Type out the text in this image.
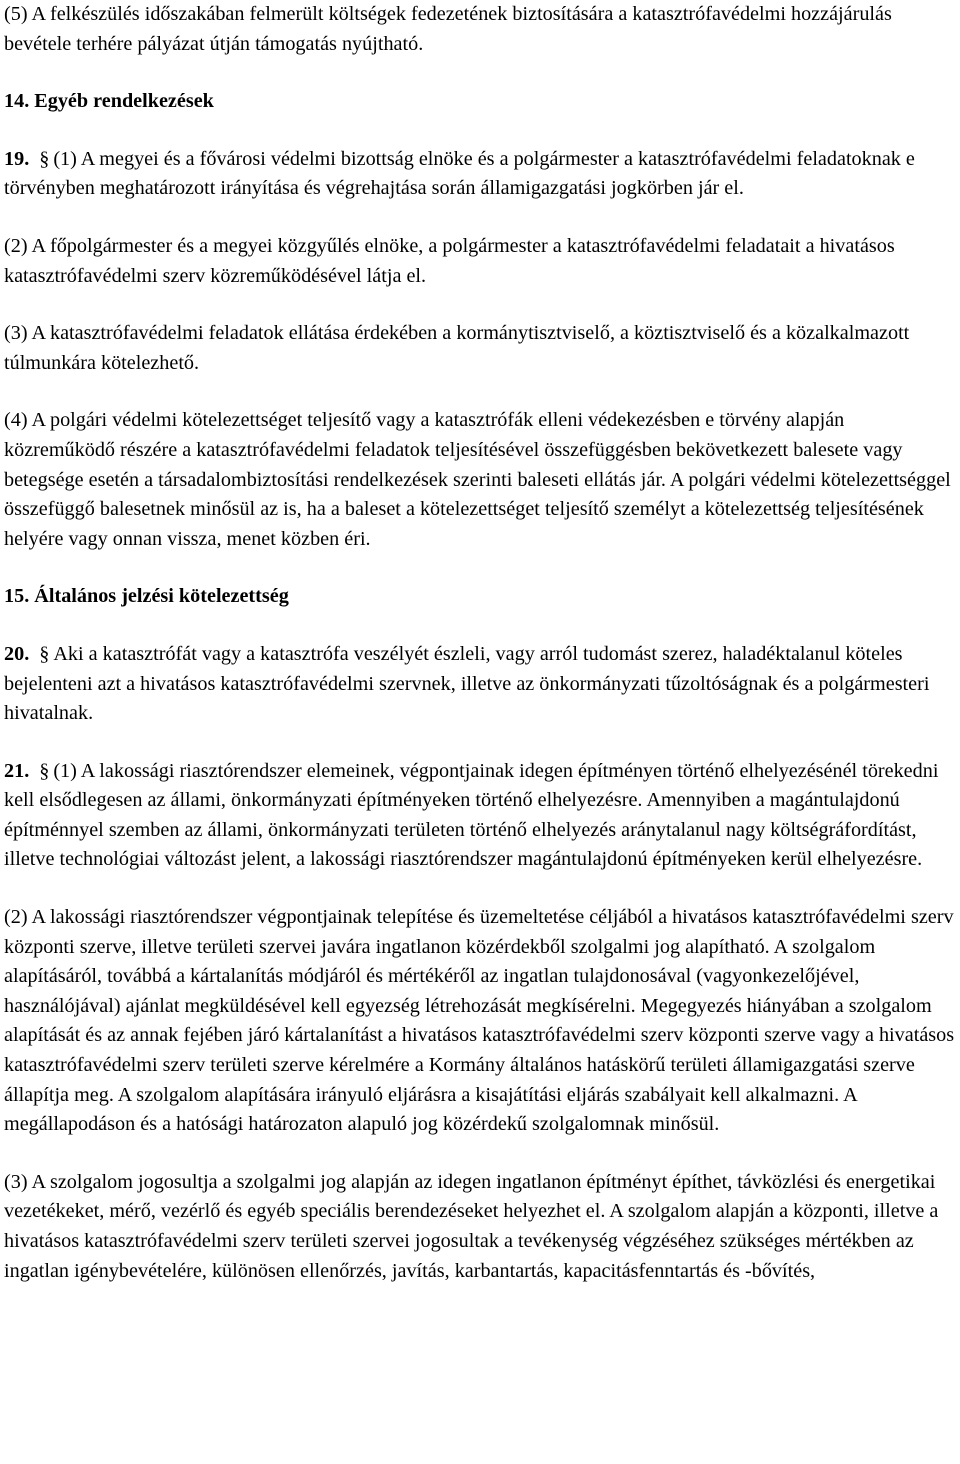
(5) A felkészülés időszakában felmerült költségek fedezetének biztosítására a katasztrófavédelmi hozzájárulás bevétele terhére pályázat útján támogatás nyújtható.

14. Egyéb rendelkezések

19. § (1) A megyei és a fővárosi védelmi bizottság elnöke és a polgármester a katasztrófavédelmi feladatoknak e törvényben meghatározott irányítása és végrehajtása során államigazgatási jogkörben jár el.

(2) A főpolgármester és a megyei közgyűlés elnöke, a polgármester a katasztrófavédelmi feladatait a hivatásos katasztrófavédelmi szerv közreműködésével látja el.

(3) A katasztrófavédelmi feladatok ellátása érdekében a kormánytisztviselő, a köztisztviselő és a közalkalmazott túlmunkára kötelezhető.

(4) A polgári védelmi kötelezettséget teljesítő vagy a katasztrófák elleni védekezésben e törvény alapján közreműködő részére a katasztrófavédelmi feladatok teljesítésével összefüggésben bekövetkezett balesete vagy betegsége esetén a társadalombiztosítási rendelkezések szerinti baleseti ellátás jár. A polgári védelmi kötelezettséggel összefüggő balesetnek minősül az is, ha a baleset a kötelezettséget teljesítő személyt a kötelezettség teljesítésének helyére vagy onnan vissza, menet közben éri.

15. Általános jelzési kötelezettség

20. § Aki a katasztrófát vagy a katasztrófa veszélyét észleli, vagy arról tudomást szerez, haladéktalanul köteles bejelenteni azt a hivatásos katasztrófavédelmi szervnek, illetve az önkormányzati tűzoltóságnak és a polgármesteri hivatalnak.

21. § (1) A lakossági riasztórendszer elemeinek, végpontjainak idegen építményen történő elhelyezésénél törekedni kell elsődlegesen az állami, önkormányzati építményeken történő elhelyezésre. Amennyiben a magántulajdonú építménnyel szemben az állami, önkormányzati területen történő elhelyezés aránytalanul nagy költségráfordítást, illetve technológiai változást jelent, a lakossági riasztórendszer magántulajdonú építményeken kerül elhelyezésre.

(2) A lakossági riasztórendszer végpontjainak telepítése és üzemeltetése céljából a hivatásos katasztrófavédelmi szerv központi szerve, illetve területi szervei javára ingatlanon közérdekből szolgalmi jog alapítható. A szolgalom alapításáról, továbbá a kártalanítás módjáról és mértékéről az ingatlan tulajdonosával (vagyonkezelőjével, használójával) ajánlat megküldésével kell egyezség létrehozását megkísérelni. Megegyezés hiányában a szolgalom alapítását és az annak fejében járó kártalanítást a hivatásos katasztrófavédelmi szerv központi szerve vagy a hivatásos katasztrófavédelmi szerv területi szerve kérelmére a Kormány általános hatáskörű területi államigazgatási szerve állapítja meg. A szolgalom alapítására irányuló eljárásra a kisajátítási eljárás szabályait kell alkalmazni. A megállapodáson és a hatósági határozaton alapuló jog közérdekű szolgalomnak minősül.

(3) A szolgalom jogosultja a szolgalmi jog alapján az idegen ingatlanon építményt építhet, távközlési és energetikai vezetékeket, mérő, vezérlő és egyéb speciális berendezéseket helyezhet el. A szolgalom alapján a központi, illetve a hivatásos katasztrófavédelmi szerv területi szervei jogosultak a tevékenység végzéséhez szükséges mértékben az ingatlan igénybevételére, különösen ellenőrzés, javítás, karbantartás, kapacitásfenntartás és -bővítés,
